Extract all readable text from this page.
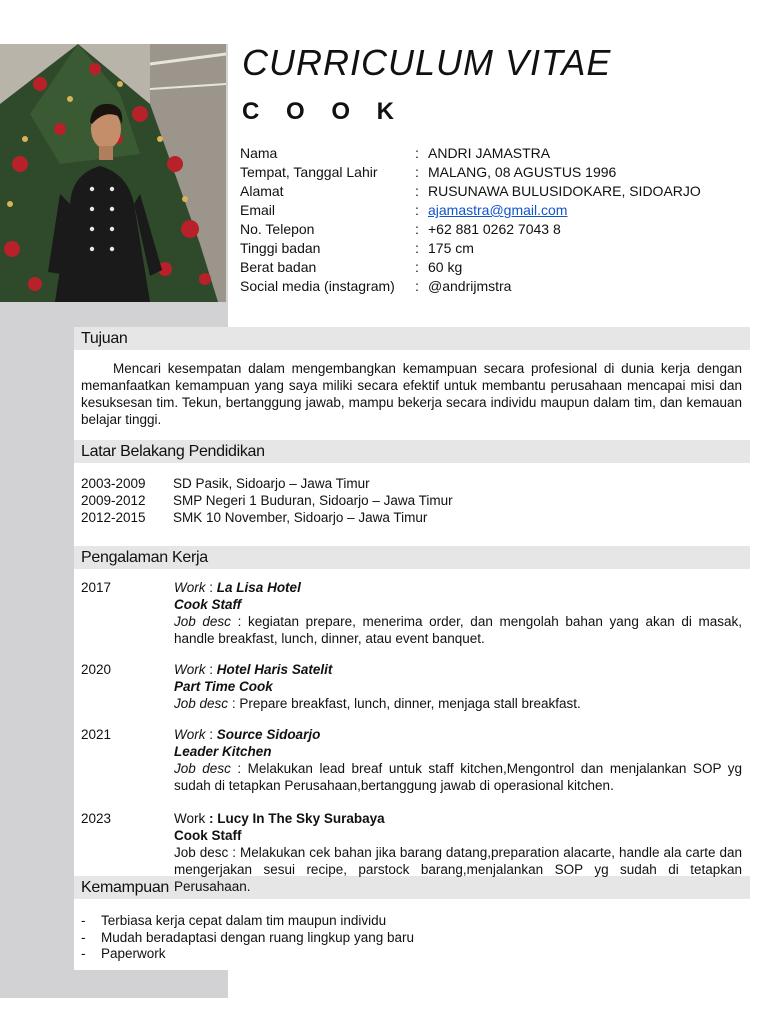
CURRICULUM VITAE
C O O K
Nama	: ANDRI JAMASTRA
Tempat, Tanggal Lahir	: MALANG, 08 AGUSTUS 1996
Alamat	: RUSUNAWA BULUSIDOKARE, SIDOARJO
Email	: ajamastra@gmail.com
No. Telepon	: +62 881 0262 7043 8
Tinggi badan	: 175 cm
Berat badan	: 60 kg
Social media (instagram) : @andrijmstra
Tujuan
Mencari kesempatan dalam mengembangkan kemampuan secara profesional di dunia kerja dengan memanfaatkan kemampuan yang saya miliki secara efektif untuk membantu perusahaan mencapai misi dan kesuksesan tim. Tekun, bertanggung jawab, mampu bekerja secara individu maupun dalam tim, dan kemauan belajar tinggi.
Latar Belakang Pendidikan
2003-2009	SD Pasik, Sidoarjo – Jawa Timur
2009-2012	SMP Negeri 1 Buduran, Sidoarjo – Jawa Timur
2012-2015	SMK 10 November, Sidoarjo – Jawa Timur
Pengalaman Kerja
2017	Work : La Lisa Hotel
Cook Staff
Job desc : kegiatan prepare, menerima order, dan mengolah bahan yang akan di masak, handle breakfast, lunch, dinner, atau event banquet.
2020	Work : Hotel Haris Satelit
Part Time Cook
Job desc : Prepare breakfast, lunch, dinner, menjaga stall breakfast.
2021	Work : Source Sidoarjo
Leader Kitchen
Job desc : Melakukan lead breaf untuk staff kitchen,Mengontrol dan menjalankan SOP yg sudah di tetapkan Perusahaan,bertanggung jawab di operasional kitchen.
2023	Work : Lucy In The Sky Surabaya
Cook Staff
Job desc : Melakukan cek bahan jika barang datang,preparation alacarte, handle ala carte dan mengerjakan sesui recipe, parstock barang,menjalankan SOP yg sudah di tetapkan Perusahaan.
Kemampuan
-	Terbiasa kerja cepat dalam tim maupun individu
-	Mudah beradaptasi dengan ruang lingkup yang baru
-	Paperwork
